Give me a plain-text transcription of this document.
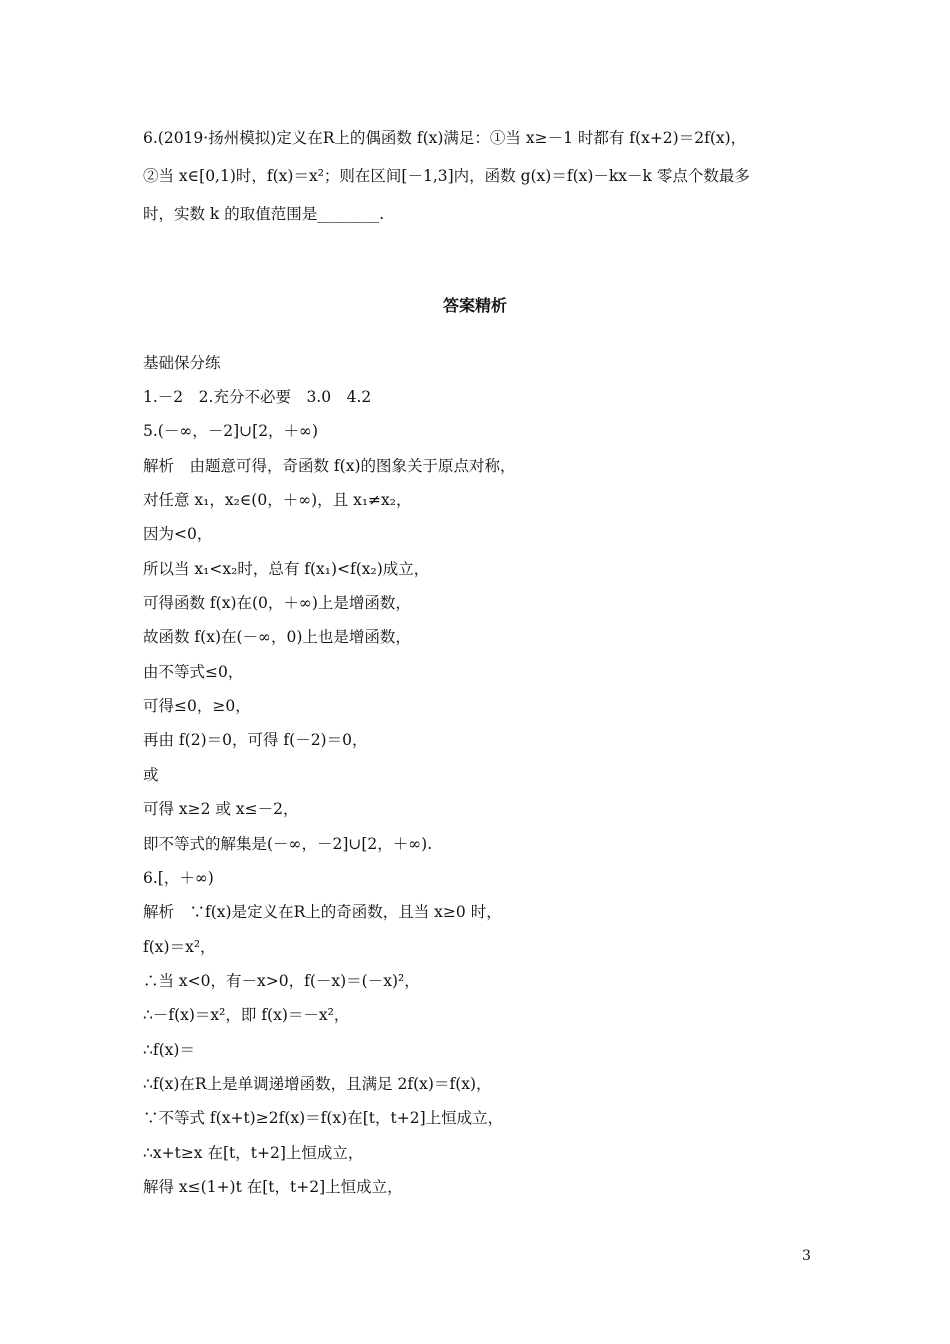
6.(2019·扬州模拟)定义在R上的偶函数 f(x)满足：①当 x≥－1 时都有 f(x+2)＝2f(x)，
②当 x∈[0,1)时，f(x)＝x²；则在区间[－1,3]内，函数 g(x)＝f(x)－kx－k 零点个数最多
时，实数 k 的取值范围是________.
答案精析
基础保分练
1.－2　2.充分不必要　3.0　4.2
5.(－∞，－2]∪[2，＋∞)
解析　由题意可得，奇函数 f(x)的图象关于原点对称，
对任意 x₁，x₂∈(0，＋∞)，且 x₁≠x₂，
因为<0，
所以当 x₁<x₂时，总有 f(x₁)<f(x₂)成立，
可得函数 f(x)在(0，＋∞)上是增函数，
故函数 f(x)在(－∞，0)上也是增函数，
由不等式≤0，
可得≤0，≥0，
再由 f(2)＝0，可得 f(－2)＝0，
或
可得 x≥2 或 x≤－2，
即不等式的解集是(－∞，－2]∪[2，＋∞).
6.[，＋∞)
解析　∵f(x)是定义在R上的奇函数，且当 x≥0 时，
f(x)＝x²，
∴当 x<0，有－x>0，f(－x)＝(－x)²，
∴－f(x)＝x²，即 f(x)＝－x²，
∴f(x)＝
∴f(x)在R上是单调递增函数，且满足 2f(x)＝f(x)，
∵不等式 f(x+t)≥2f(x)＝f(x)在[t，t+2]上恒成立，
∴x+t≥x 在[t，t+2]上恒成立，
解得 x≤(1+)t 在[t，t+2]上恒成立，
3
